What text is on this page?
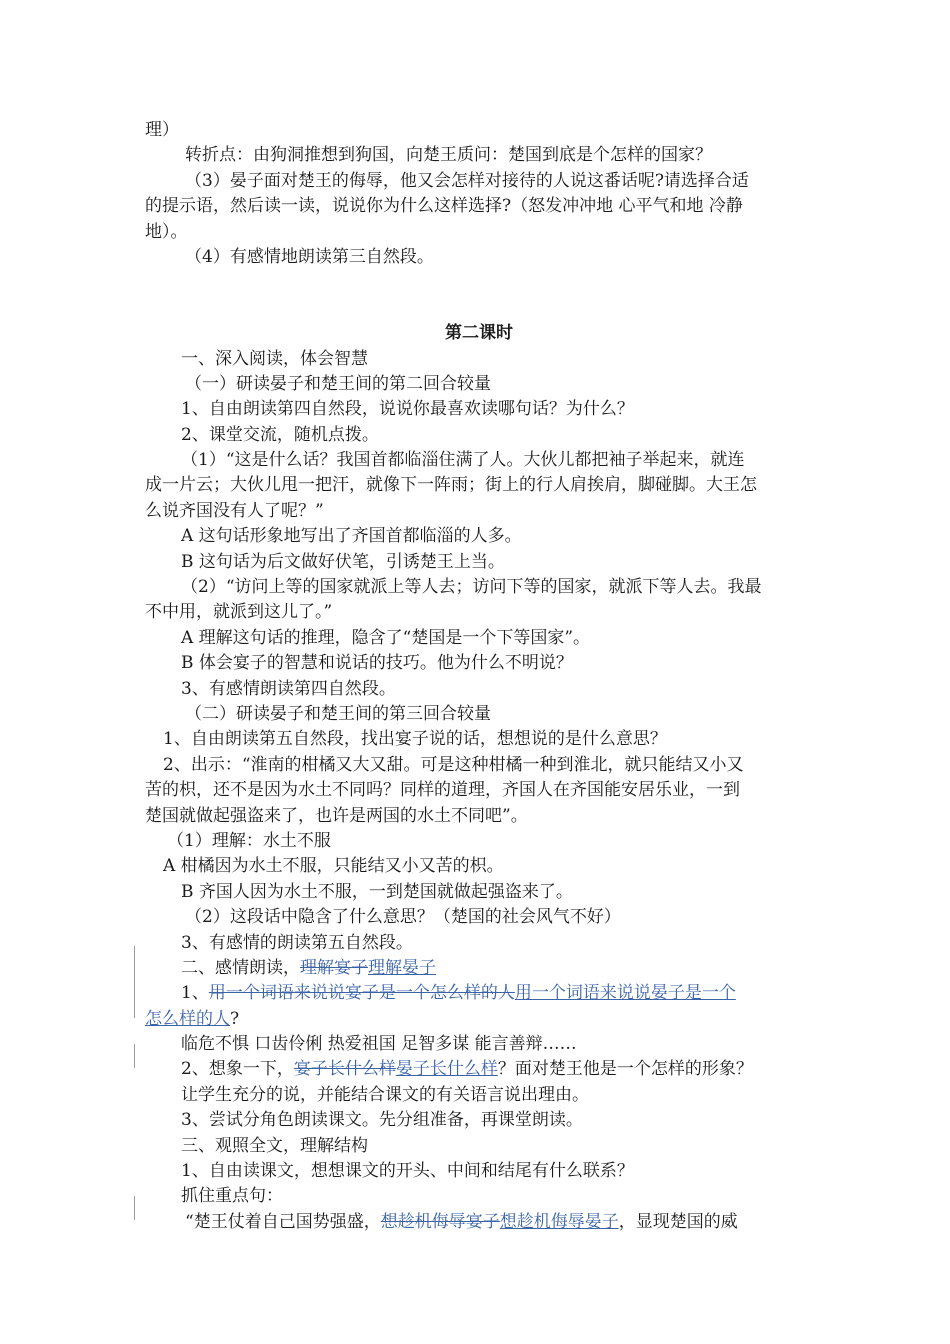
理）
转折点：由狗洞推想到狗国，向楚王质问：楚国到底是个怎样的国家？
（3）晏子面对楚王的侮辱，他又会怎样对接待的人说这番话呢?请选择合适
的提示语，然后读一读，说说你为什么这样选择?（怒发冲冲地 心平气和地 冷静
地）。
（4）有感情地朗读第三自然段。
第二课时
一、深入阅读，体会智慧
（一）研读晏子和楚王间的第二回合较量
1、自由朗读第四自然段，说说你最喜欢读哪句话？为什么？
2、课堂交流，随机点拨。
（1）“这是什么话？我国首都临淄住满了人。大伙儿都把袖子举起来，就连
成一片云；大伙儿甩一把汗，就像下一阵雨；街上的行人肩挨肩，脚碰脚。大王怎
么说齐国没有人了呢？”
A 这句话形象地写出了齐国首都临淄的人多。
B 这句话为后文做好伏笔，引诱楚王上当。
（2）“访问上等的国家就派上等人去；访问下等的国家，就派下等人去。我最
不中用，就派到这儿了。”
A 理解这句话的推理，隐含了“楚国是一个下等国家”。
B 体会宴子的智慧和说话的技巧。他为什么不明说？
3、有感情朗读第四自然段。
（二）研读晏子和楚王间的第三回合较量
1、自由朗读第五自然段，找出宴子说的话，想想说的是什么意思？
2、出示：“淮南的柑橘又大又甜。可是这种柑橘一种到淮北，就只能结又小又
苦的枳，还不是因为水土不同吗？同样的道理，齐国人在齐国能安居乐业，一到
楚国就做起强盗来了，也许是两国的水土不同吧”。
（1）理解：水土不服
A 柑橘因为水土不服，只能结又小又苦的枳。
B 齐国人因为水土不服，一到楚国就做起强盗来了。
（2）这段话中隐含了什么意思？（楚国的社会风气不好）
3、有感情的朗读第五自然段。
二、感情朗读，理解宴子理解晏子
1、用一个词语来说说宴子是一个怎么样的人用一个词语来说说晏子是一个
怎么样的人?
临危不惧 口齿伶俐 热爱祖国 足智多谋 能言善辩……
2、想象一下，宴子长什么样晏子长什么样？面对楚王他是一个怎样的形象？
让学生充分的说，并能结合课文的有关语言说出理由。
3、尝试分角色朗读课文。先分组准备，再课堂朗读。
三、观照全文，理解结构
1、自由读课文，想想课文的开头、中间和结尾有什么联系？
抓住重点句：
“楚王仗着自己国势强盛，想趁机侮辱宴子想趁机侮辱晏子，显现楚国的威
